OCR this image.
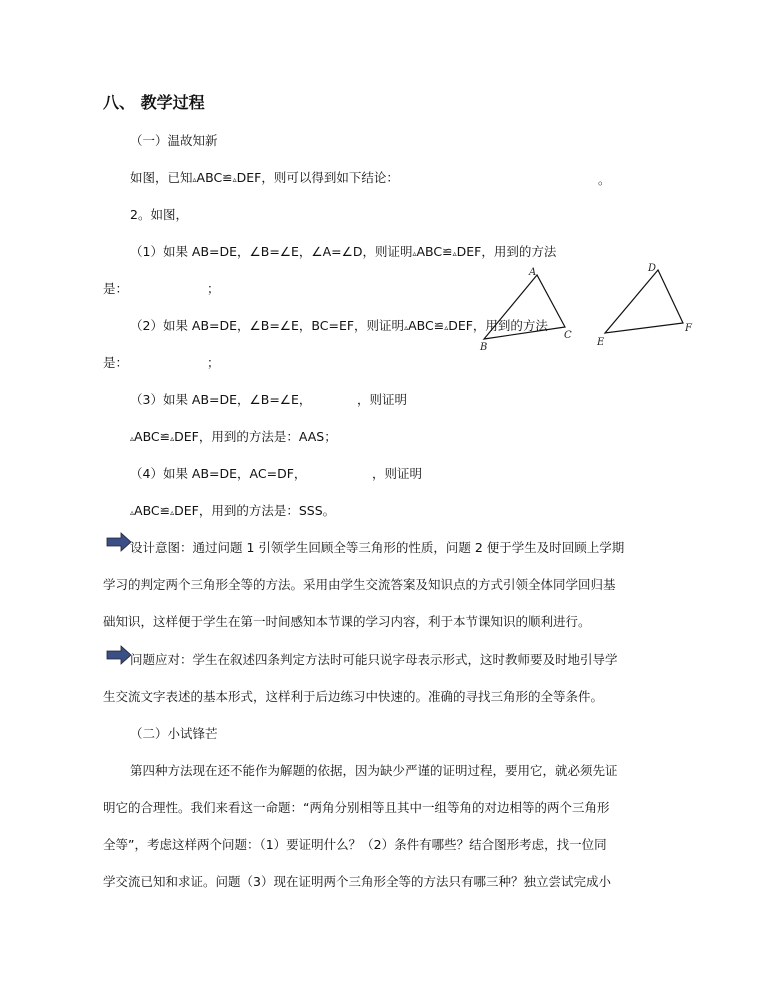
八、 教学过程
（一）温故知新
如图，已知▵ABC≌▵DEF，则可以得到如下结论：	。
2。如图，
（1）如果 AB=DE，∠B=∠E，∠A=∠D，则证明▵ABC≌▵DEF，用到的方法
是：	；
（2）如果 AB=DE，∠B=∠E，BC=EF，则证明▵ABC≌▵DEF，用到的方法
是：	；
（3）如果 AB=DE，∠B=∠E，	，则证明
▵ABC≌▵DEF，用到的方法是：AAS；
（4）如果 AB=DE，AC=DF，	，则证明
▵ABC≌▵DEF，用到的方法是：SSS。
A
B
C
D
E
F
设计意图：通过问题 1 引领学生回顾全等三角形的性质，问题 2 便于学生及时回顾上学期
学习的判定两个三角形全等的方法。采用由学生交流答案及知识点的方式引领全体同学回归基
础知识，这样便于学生在第一时间感知本节课的学习内容，利于本节课知识的顺利进行。
问题应对：学生在叙述四条判定方法时可能只说字母表示形式，这时教师要及时地引导学
生交流文字表述的基本形式，这样利于后边练习中快速的。准确的寻找三角形的全等条件。
（二）小试锋芒
第四种方法现在还不能作为解题的依据，因为缺少严谨的证明过程，要用它，就必须先证
明它的合理性。我们来看这一命题：“两角分别相等且其中一组等角的对边相等的两个三角形
全等”，考虑这样两个问题：（1）要证明什么？（2）条件有哪些？结合图形考虑，找一位同
学交流已知和求证。问题（3）现在证明两个三角形全等的方法只有哪三种？独立尝试完成小
